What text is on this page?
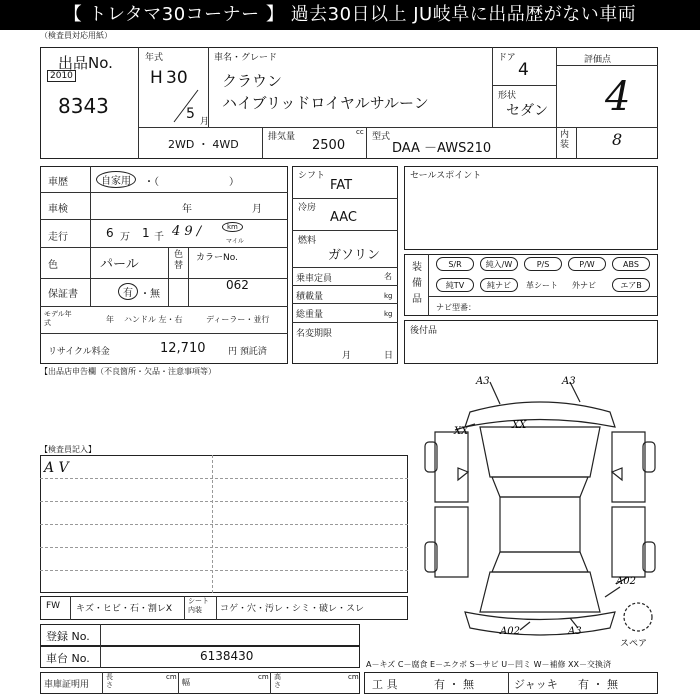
【 トレタマ30コーナー 】 過去30日以上 JU岐阜に出品歴がない車両
（検査員対応用紙）
出品No.
2010
8343
年式
H 30
5 月
車名・グレード
クラウン
ハイブリッドロイヤルサルーン
ドア
4
形状
セダン
評価点
4
内装	8
2WD ・ 4WD
排気量
2500
cc 型式
DAA －AWS210
車歴	自家用	・（　　　　　　　）
車検	年	月
走行	6 万 1 千 4 9 /	km
マイル
色	パール
色替
カラーNo.
062
保証書	有 ・無
モデル年式	年 ハンドル 左・右	ディーラー・並行
リサイクル料金	12,710	円 預託済
シフト
FAT
冷房
AAC
燃料
ガソリン
乗車定員	名
積載量	kg
総重量	kg
名変期限
月	日
セールスポイント
装備品
S/R	純入/W	P/S	P/W	ABS
純TV	純ナビ	革シート 外ナビ	エアB
ナビ型番：
後付品
【出品店申告欄（不良箇所・欠品・注意事項等）
【検査員記入】
A V
A3	A3
XX
XX
A02
A02	A3
スペア
FW キズ・ヒビ・石・割レX
シート内装	コゲ・穴・汚レ・シミ・破レ・スレ
登録 No.
車台 No.	6138430
車庫証明用
長さ
cm
幅
cm 高さ
cm
A－キズ C－腐食 E－エクボ S－サビ U－凹ミ W－補修 XX－交換済
工 具	有 ・ 無	ジャッキ 有 ・ 無
